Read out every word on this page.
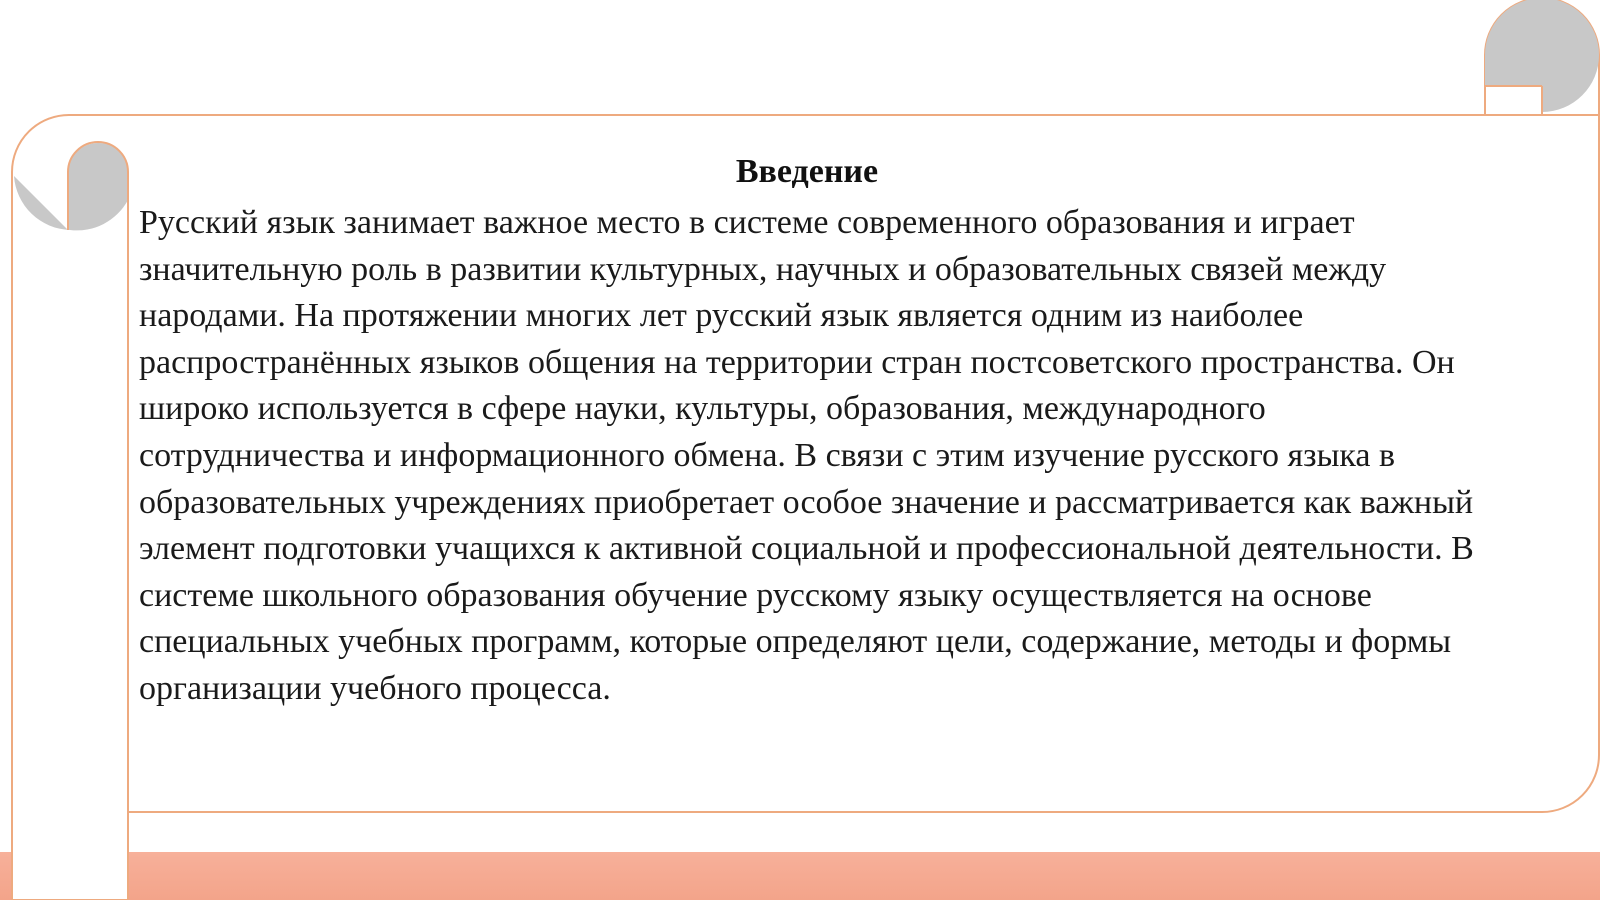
Введение

Русский язык занимает важное место в системе современного образования и играет значительную роль в развитии культурных, научных и образовательных связей между народами. На протяжении многих лет русский язык является одним из наиболее распространённых языков общения на территории стран постсоветского пространства. Он широко используется в сфере науки, культуры, образования, международного сотрудничества и информационного обмена. В связи с этим изучение русского языка в образовательных учреждениях приобретает особое значение и рассматривается как важный элемент подготовки учащихся к активной социальной и профессиональной деятельности. В системе школьного образования обучение русскому языку осуществляется на основе специальных учебных программ, которые определяют цели, содержание, методы и формы организации учебного процесса.
